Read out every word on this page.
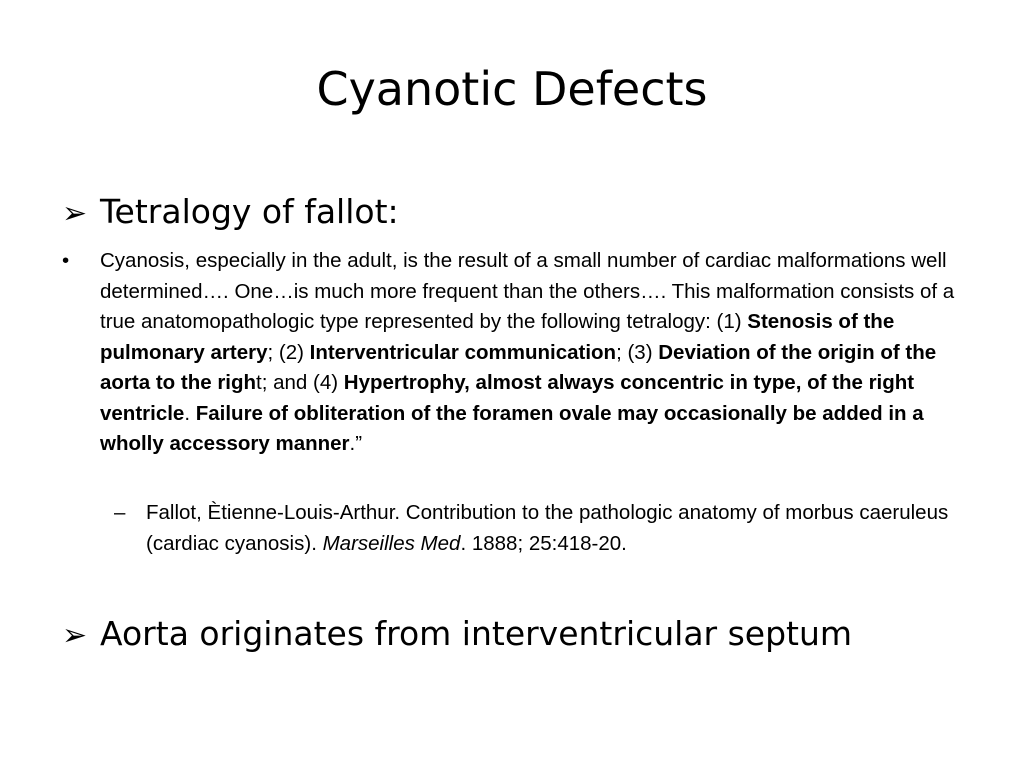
Cyanotic Defects
➢ Tetralogy of fallot:
•	Cyanosis, especially in the adult, is the result of a small number of cardiac malformations well determined…. One…is much more frequent than the others…. This malformation consists of a true anatomopathologic type represented by the following tetralogy: (1) Stenosis of the pulmonary artery; (2) Interventricular communication; (3) Deviation of the origin of the aorta to the right; and (4) Hypertrophy, almost always concentric in type, of the right ventricle. Failure of obliteration of the foramen ovale may occasionally be added in a wholly accessory manner.”
–	Fallot, Ètienne-Louis-Arthur. Contribution to the pathologic anatomy of morbus caeruleus (cardiac cyanosis). Marseilles Med. 1888; 25:418-20.
➢ Aorta originates from interventricular septum
